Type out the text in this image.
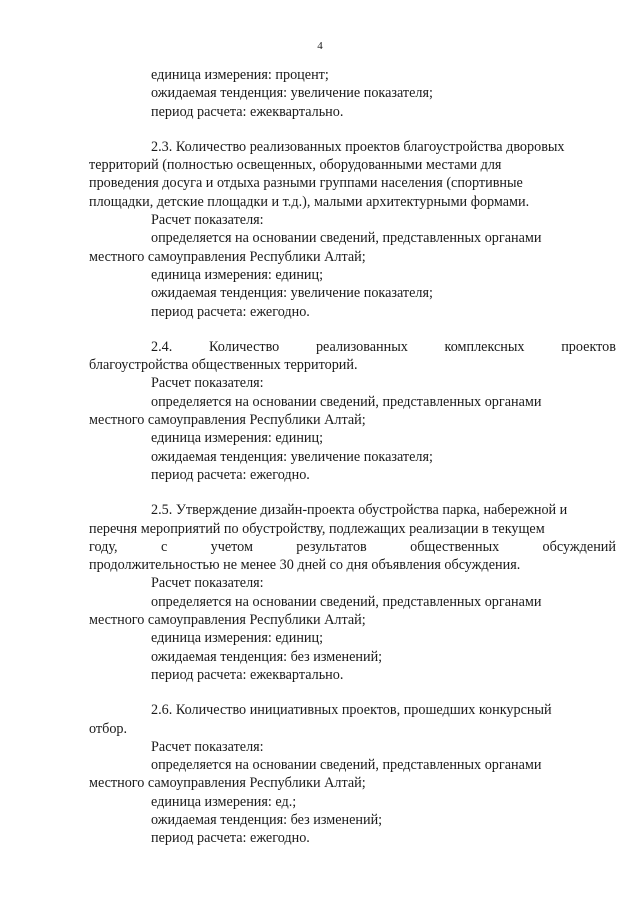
4
единица измерения: процент;
ожидаемая тенденция: увеличение показателя;
период расчета: ежеквартально.
2.3. Количество реализованных проектов благоустройства дворовых
территорий (полностью освещенных, оборудованными местами для
проведения досуга и отдыха разными группами населения (спортивные
площадки, детские площадки и т.д.), малыми архитектурными формами.
Расчет показателя:
определяется на основании сведений, представленных органами
местного самоуправления Республики Алтай;
единица измерения: единиц;
ожидаемая тенденция: увеличение показателя;
период расчета: ежегодно.
2.4.	Количество	реализованных	комплексных	проектов
благоустройства общественных территорий.
Расчет показателя:
определяется на основании сведений, представленных органами
местного самоуправления Республики Алтай;
единица измерения: единиц;
ожидаемая тенденция: увеличение показателя;
период расчета: ежегодно.
2.5. Утверждение дизайн-проекта обустройства парка, набережной и
перечня мероприятий по обустройству, подлежащих реализации в текущем
году,	с	учетом	результатов	общественных	обсуждений
продолжительностью не менее 30 дней со дня объявления обсуждения.
Расчет показателя:
определяется на основании сведений, представленных органами
местного самоуправления Республики Алтай;
единица измерения: единиц;
ожидаемая тенденция: без изменений;
период расчета: ежеквартально.
2.6. Количество инициативных проектов, прошедших конкурсный
отбор.
Расчет показателя:
определяется на основании сведений, представленных органами
местного самоуправления Республики Алтай;
единица измерения: ед.;
ожидаемая тенденция: без изменений;
период расчета: ежегодно.
